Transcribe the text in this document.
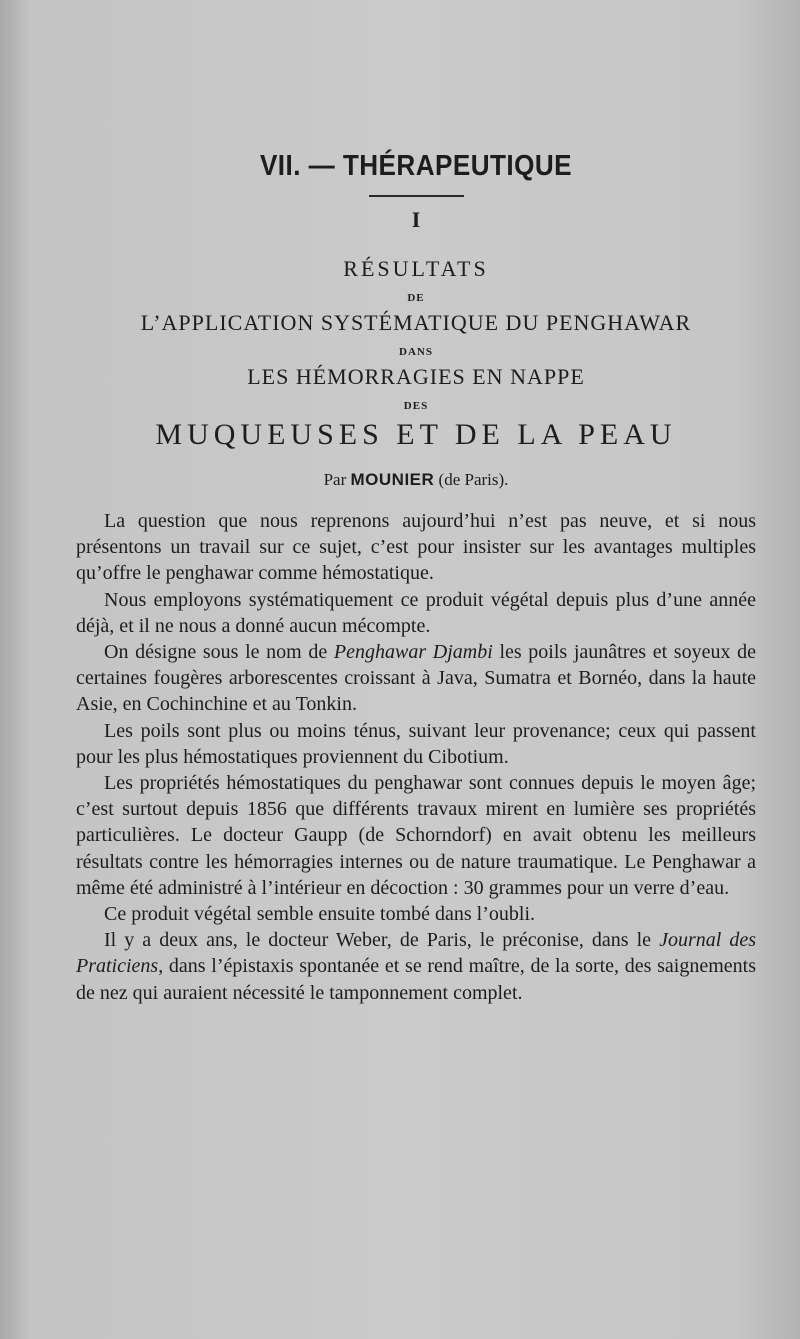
VII. — THÉRAPEUTIQUE
I
RÉSULTATS
DE
L’APPLICATION SYSTÉMATIQUE DU PENGHAWAR
DANS
LES HÉMORRAGIES EN NAPPE
DES
MUQUEUSES ET DE LA PEAU
Par MOUNIER (de Paris).

La question que nous reprenons aujourd’hui n’est pas neuve, et si nous présentons un travail sur ce sujet, c’est pour insister sur les avantages multiples qu’offre le penghawar comme hémostatique.

Nous employons systématiquement ce produit végétal depuis plus d’une année déjà, et il ne nous a donné aucun mécompte.

On désigne sous le nom de Penghawar Djambi les poils jaunâtres et soyeux de certaines fougères arborescentes croissant à Java, Sumatra et Bornéo, dans la haute Asie, en Cochinchine et au Tonkin.

Les poils sont plus ou moins ténus, suivant leur provenance; ceux qui passent pour les plus hémostatiques proviennent du Cibotium.

Les propriétés hémostatiques du penghawar sont connues depuis le moyen âge; c’est surtout depuis 1856 que différents travaux mirent en lumière ses propriétés particulières. Le docteur Gaupp (de Schorndorf) en avait obtenu les meilleurs résultats contre les hémorragies internes ou de nature traumatique. Le Penghawar a même été administré à l’intérieur en décoction : 30 grammes pour un verre d’eau.

Ce produit végétal semble ensuite tombé dans l’oubli.

Il y a deux ans, le docteur Weber, de Paris, le préconise, dans le Journal des Praticiens, dans l’épistaxis spontanée et se rend maître, de la sorte, des saignements de nez qui auraient nécessité le tamponnement complet.
